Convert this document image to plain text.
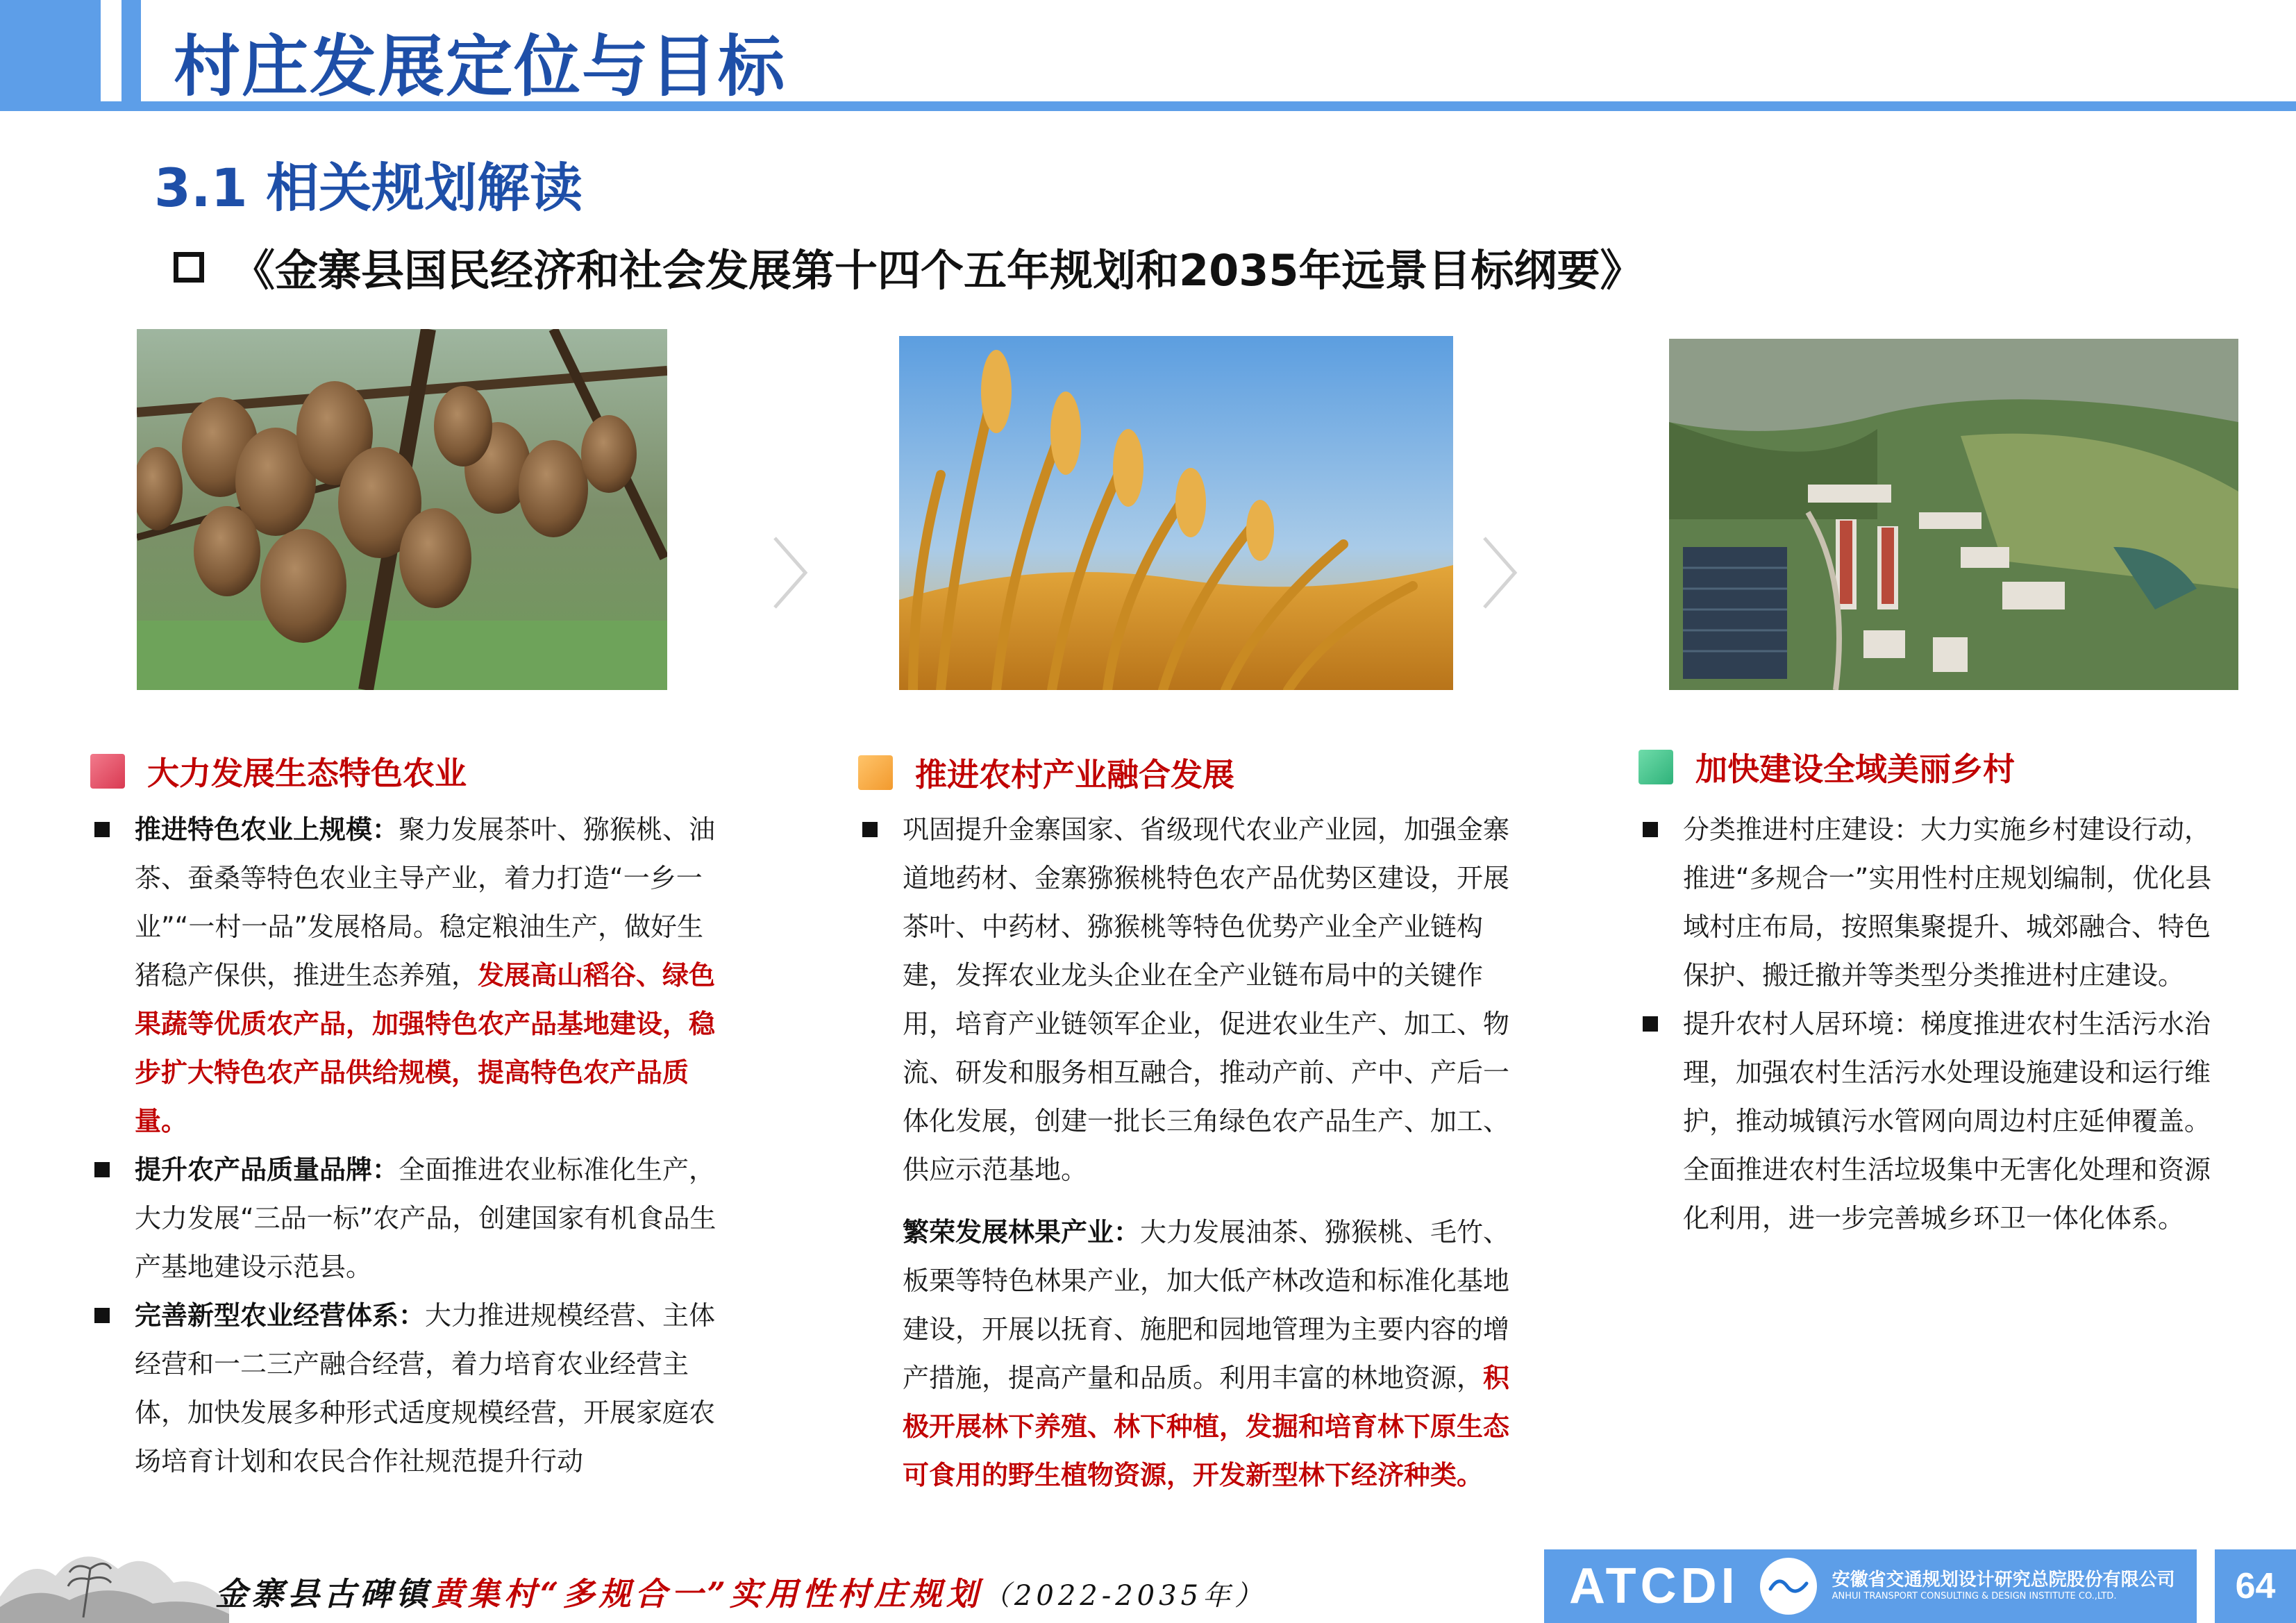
村庄发展定位与目标
3.1 相关规划解读
《金寨县国民经济和社会发展第十四个五年规划和2035年远景目标纲要》
大力发展生态特色农业	推进农村产业融合发展	加快建设全域美丽乡村
推进特色农业上规模：聚力发展茶叶、猕猴桃、油茶、蚕桑等特色农业主导产业，着力打造“一乡一业”“一村一品”发展格局。稳定粮油生产，做好生猪稳产保供，推进生态养殖，发展高山稻谷、绿色果蔬等优质农产品，加强特色农产品基地建设，稳步扩大特色农产品供给规模，提高特色农产品质量。
提升农产品质量品牌：全面推进农业标准化生产，大力发展“三品一标”农产品，创建国家有机食品生产基地建设示范县。
完善新型农业经营体系：大力推进规模经营、主体经营和一二三产融合经营，着力培育农业经营主体，加快发展多种形式适度规模经营，开展家庭农场培育计划和农民合作社规范提升行动
巩固提升金寨国家、省级现代农业产业园，加强金寨道地药材、金寨猕猴桃特色农产品优势区建设，开展茶叶、中药材、猕猴桃等特色优势产业全产业链构建，发挥农业龙头企业在全产业链布局中的关键作用，培育产业链领军企业，促进农业生产、加工、物流、研发和服务相互融合，推动产前、产中、产后一体化发展，创建一批长三角绿色农产品生产、加工、供应示范基地。
繁荣发展林果产业：大力发展油茶、猕猴桃、毛竹、板栗等特色林果产业，加大低产林改造和标准化基地建设，开展以抚育、施肥和园地管理为主要内容的增产措施，提高产量和品质。利用丰富的林地资源，积极开展林下养殖、林下种植，发掘和培育林下原生态可食用的野生植物资源，开发新型林下经济种类。
分类推进村庄建设：大力实施乡村建设行动，推进“多规合一”实用性村庄规划编制，优化县域村庄布局，按照集聚提升、城郊融合、特色保护、搬迁撤并等类型分类推进村庄建设。
提升农村人居环境：梯度推进农村生活污水治理，加强农村生活污水处理设施建设和运行维护，推动城镇污水管网向周边村庄延伸覆盖。全面推进农村生活垃圾集中无害化处理和资源化利用，进一步完善城乡环卫一体化体系。
金寨县古碑镇黄集村“多规合一”实用性村庄规划（2022-2035年）	ATCDI	安徽省交通规划设计研究总院股份有限公司
ANHUI TRANSPORT CONSULTING & DESIGN INSTITUTE CO.,LTD.	64
